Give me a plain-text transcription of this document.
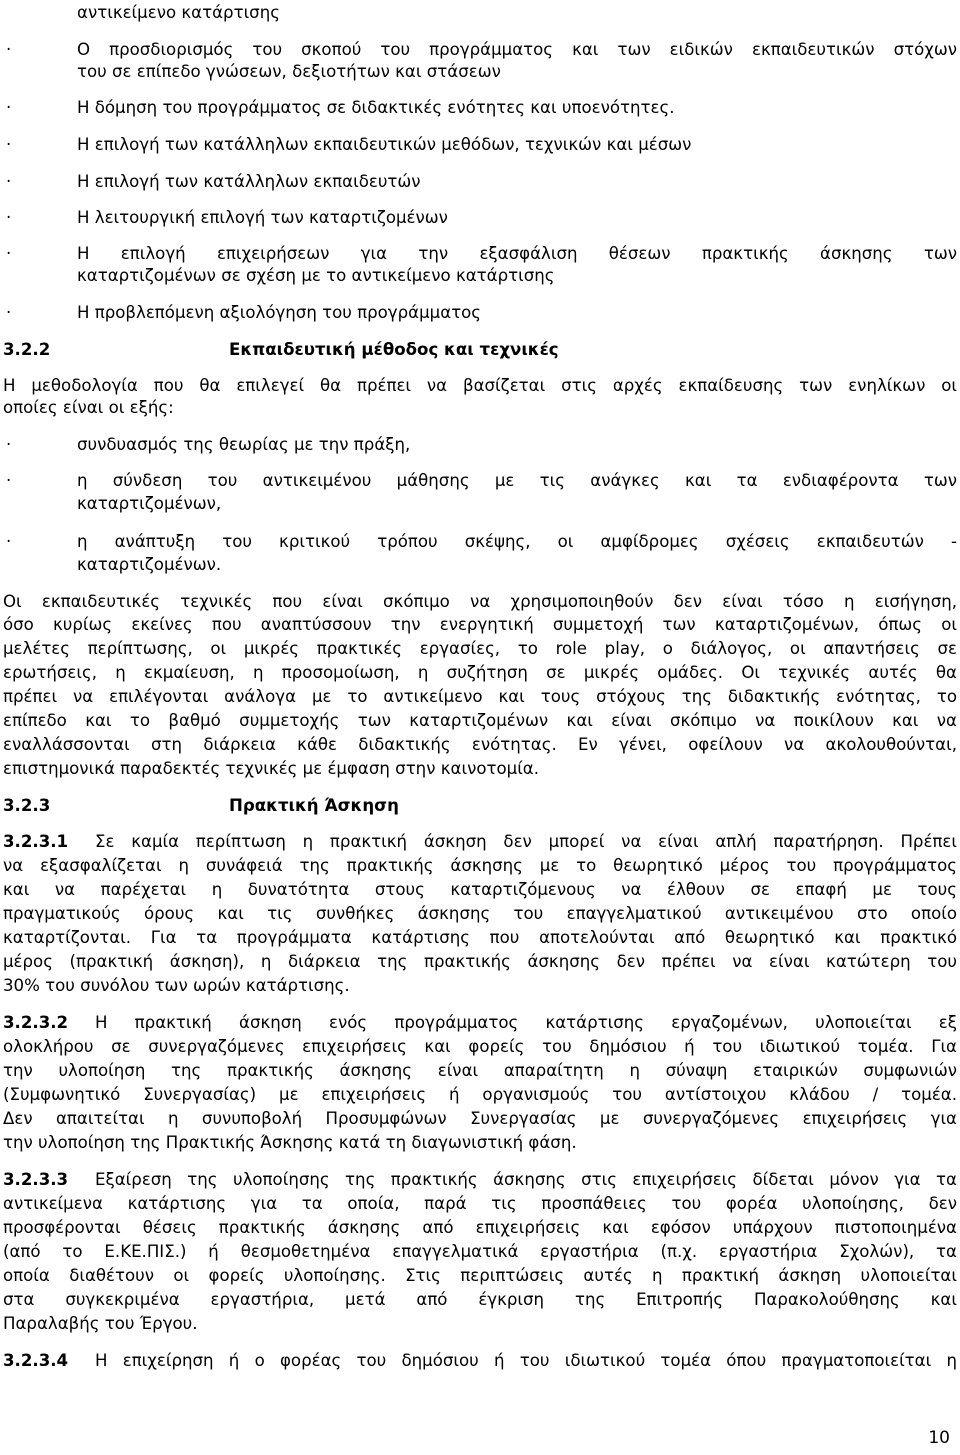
αντικείμενο κατάρτισης
·	Ο προσδιορισμός του σκοπού του προγράμματος και των ειδικών εκπαιδευτικών στόχων
του σε επίπεδο γνώσεων, δεξιοτήτων και στάσεων
·	Η δόμηση του προγράμματος σε διδακτικές ενότητες και υποενότητες.
·	Η επιλογή των κατάλληλων εκπαιδευτικών μεθόδων, τεχνικών και μέσων
·	Η επιλογή των κατάλληλων εκπαιδευτών
·	Η λειτουργική επιλογή των καταρτιζομένων
·	Η επιλογή επιχειρήσεων για την εξασφάλιση θέσεων πρακτικής άσκησης των
καταρτιζομένων σε σχέση με το αντικείμενο κατάρτισης
·	Η προβλεπόμενη αξιολόγηση του προγράμματος
3.2.2	Εκπαιδευτική μέθοδος και τεχνικές
Η μεθοδολογία που θα επιλεγεί θα πρέπει να βασίζεται στις αρχές εκπαίδευσης των ενηλίκων οι
οποίες είναι οι εξής:
·	συνδυασμός της θεωρίας με την πράξη,
·	η σύνδεση του αντικειμένου μάθησης με τις ανάγκες και τα ενδιαφέροντα των
καταρτιζομένων,
·	η ανάπτυξη του κριτικού τρόπου σκέψης, οι αμφίδρομες σχέσεις εκπαιδευτών -
καταρτιζομένων.
Οι εκπαιδευτικές τεχνικές που είναι σκόπιμο να χρησιμοποιηθούν δεν είναι τόσο η εισήγηση,
όσο κυρίως εκείνες που αναπτύσσουν την ενεργητική συμμετοχή των καταρτιζομένων, όπως οι
μελέτες περίπτωσης, οι μικρές πρακτικές εργασίες, το role play, ο διάλογος, οι απαντήσεις σε
ερωτήσεις, η εκμαίευση, η προσομοίωση, η συζήτηση σε μικρές ομάδες. Οι τεχνικές αυτές θα
πρέπει να επιλέγονται ανάλογα με το αντικείμενο και τους στόχους της διδακτικής ενότητας, το
επίπεδο και το βαθμό συμμετοχής των καταρτιζομένων και είναι σκόπιμο να ποικίλουν και να
εναλλάσσονται στη διάρκεια κάθε διδακτικής ενότητας. Εν γένει, οφείλουν να ακολουθούνται,
επιστημονικά παραδεκτές τεχνικές με έμφαση στην καινοτομία.
3.2.3	Πρακτική Άσκηση
3.2.3.1 Σε καμία περίπτωση η πρακτική άσκηση δεν μπορεί να είναι απλή παρατήρηση. Πρέπει
να εξασφαλίζεται η συνάφειά της πρακτικής άσκησης με το θεωρητικό μέρος του προγράμματος
και να παρέχεται η δυνατότητα στους καταρτιζόμενους να έλθουν σε επαφή με τους
πραγματικούς όρους και τις συνθήκες άσκησης του επαγγελματικού αντικειμένου στο οποίο
καταρτίζονται. Για τα προγράμματα κατάρτισης που αποτελούνται από θεωρητικό και πρακτικό
μέρος (πρακτική άσκηση), η διάρκεια της πρακτικής άσκησης δεν πρέπει να είναι κατώτερη του
30% του συνόλου των ωρών κατάρτισης.
3.2.3.2 Η πρακτική άσκηση ενός προγράμματος κατάρτισης εργαζομένων, υλοποιείται εξ
ολοκλήρου σε συνεργαζόμενες επιχειρήσεις και φορείς του δημόσιου ή του ιδιωτικού τομέα. Για
την υλοποίηση της πρακτικής άσκησης είναι απαραίτητη η σύναψη εταιρικών συμφωνιών
(Συμφωνητικό Συνεργασίας) με επιχειρήσεις ή οργανισμούς του αντίστοιχου κλάδου / τομέα.
Δεν απαιτείται η συνυποβολή Προσυμφώνων Συνεργασίας με συνεργαζόμενες επιχειρήσεις για
την υλοποίηση της Πρακτικής Άσκησης κατά τη διαγωνιστική φάση.
3.2.3.3 Εξαίρεση της υλοποίησης της πρακτικής άσκησης στις επιχειρήσεις δίδεται μόνον για τα
αντικείμενα κατάρτισης για τα οποία, παρά τις προσπάθειες του φορέα υλοποίησης, δεν
προσφέρονται θέσεις πρακτικής άσκησης από επιχειρήσεις και εφόσον υπάρχουν πιστοποιημένα
(από το Ε.ΚΕ.ΠΙΣ.) ή θεσμοθετημένα επαγγελματικά εργαστήρια (π.χ. εργαστήρια Σχολών), τα
οποία διαθέτουν οι φορείς υλοποίησης. Στις περιπτώσεις αυτές η πρακτική άσκηση υλοποιείται
στα συγκεκριμένα εργαστήρια, μετά από έγκριση της Επιτροπής Παρακολούθησης και
Παραλαβής του Έργου.
3.2.3.4 Η επιχείρηση ή ο φορέας του δημόσιου ή του ιδιωτικού τομέα όπου πραγματοποιείται η
10
